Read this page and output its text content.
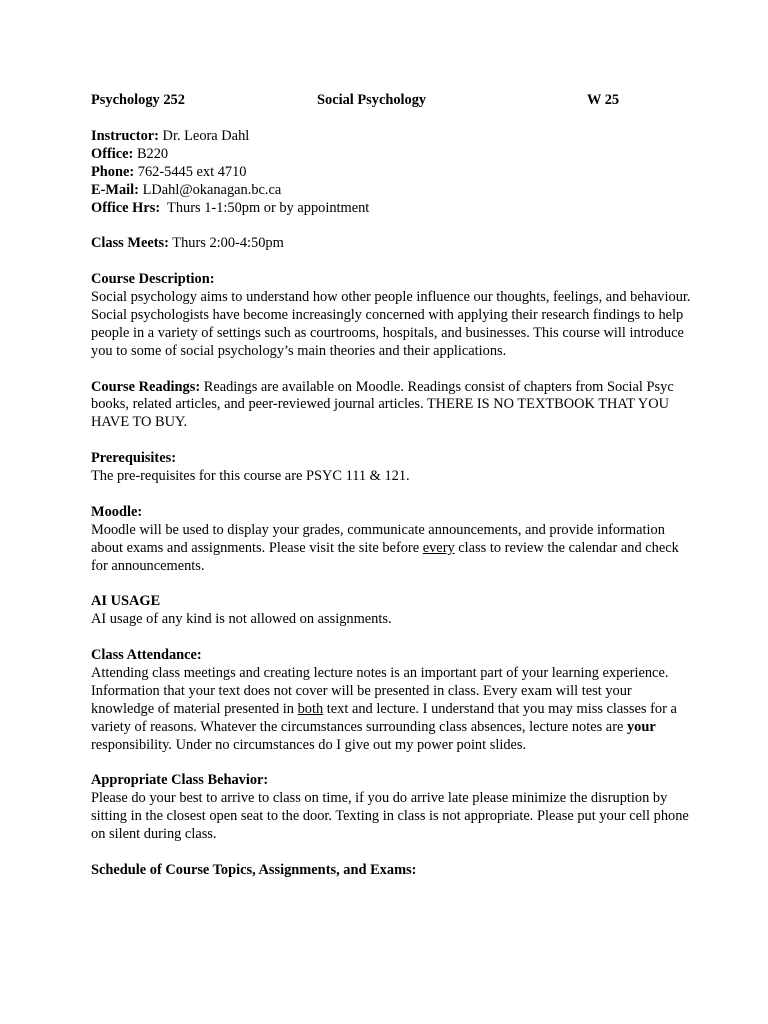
Psychology 252	Social Psychology	W 25

Instructor: Dr. Leora Dahl

Office: B220

Phone: 762-5445 ext 4710

E-Mail: LDahl@okanagan.bc.ca

Office Hrs:  Thurs 1-1:50pm or by appointment

Class Meets: Thurs 2:00-4:50pm

Course Description:

Social psychology aims to understand how other people influence our thoughts, feelings, and behaviour. Social psychologists have become increasingly concerned with applying their research findings to help people in a variety of settings such as courtrooms, hospitals, and businesses. This course will introduce you to some of social psychology’s main theories and their applications.

Course Readings: Readings are available on Moodle. Readings consist of chapters from Social Psyc books, related articles, and peer-reviewed journal articles. THERE IS NO TEXTBOOK THAT YOU HAVE TO BUY.

Prerequisites:

The pre-requisites for this course are PSYC 111 & 121.

Moodle:

Moodle will be used to display your grades, communicate announcements, and provide information about exams and assignments. Please visit the site before every class to review the calendar and check for announcements.

AI USAGE

AI usage of any kind is not allowed on assignments.

Class Attendance:

Attending class meetings and creating lecture notes is an important part of your learning experience. Information that your text does not cover will be presented in class. Every exam will test your knowledge of material presented in both text and lecture. I understand that you may miss classes for a variety of reasons. Whatever the circumstances surrounding class absences, lecture notes are your responsibility. Under no circumstances do I give out my power point slides.

Appropriate Class Behavior:

Please do your best to arrive to class on time, if you do arrive late please minimize the disruption by sitting in the closest open seat to the door. Texting in class is not appropriate. Please put your cell phone on silent during class.

Schedule of Course Topics, Assignments, and Exams:
